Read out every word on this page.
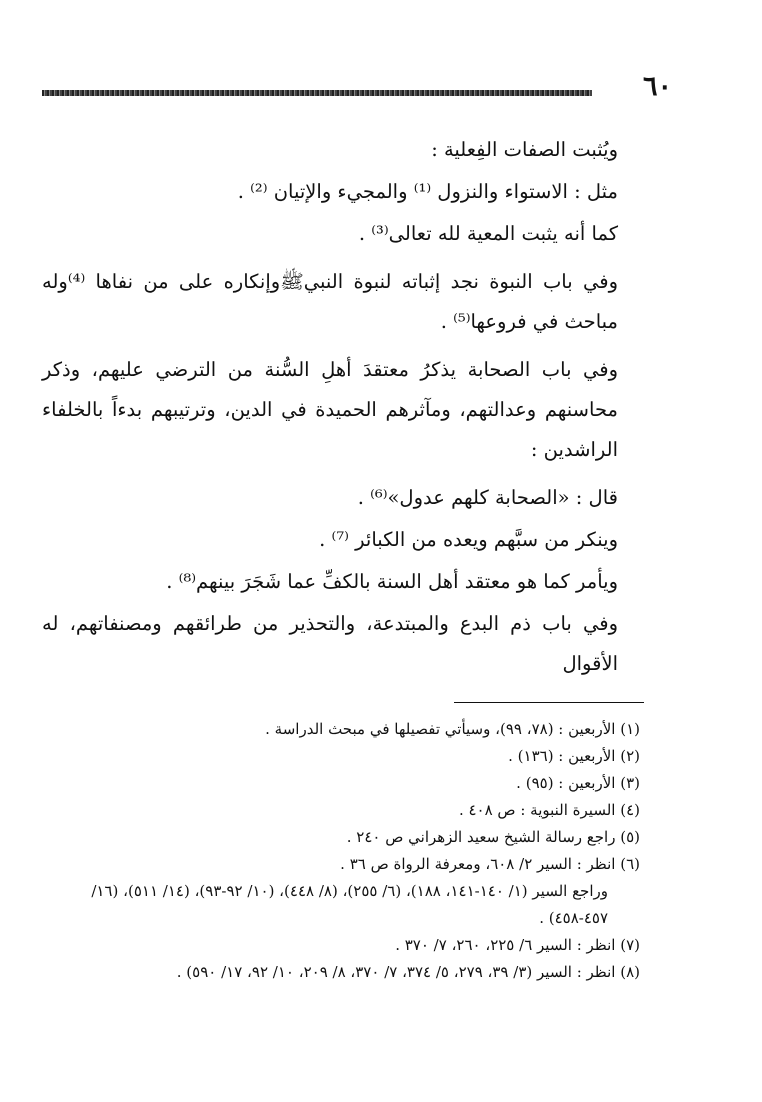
٦٠

ويُثبت الصفات الفِعلية :

مثل : الاستواء والنزول ⁽¹⁾ والمجيء والإتيان ⁽²⁾ .

كما أنه يثبت المعية لله تعالى⁽³⁾ .

وفي باب النبوة نجد إثباته لنبوة النبيﷺوإنكاره على من نفاها ⁽⁴⁾وله مباحث في فروعها⁽⁵⁾ .

وفي باب الصحابة يذكرُ معتقدَ أهلِ السُّنة من الترضي عليهم، وذكر محاسنهم وعدالتهم، ومآثرهم الحميدة في الدين، وترتيبهم بدءاً بالخلفاء الراشدين :

قال : «الصحابة كلهم عدول»⁽⁶⁾ .

وينكر من سبَّهم ويعده من الكبائر ⁽⁷⁾ .

ويأمر كما هو معتقد أهل السنة بالكفِّ عما شَجَرَ بينهم⁽⁸⁾ .

وفي باب ذم البدع والمبتدعة، والتحذير من طرائقهم ومصنفاتهم، له الأقوال

(١) الأربعين : (٧٨، ٩٩)، وسيأتي تفصيلها في مبحث الدراسة .

(٢) الأربعين : (١٣٦) .

(٣) الأربعين : (٩٥) .

(٤) السيرة النبوية : ص ٤٠٨ .

(٥) راجع رسالة الشيخ سعيد الزهراني ص ٢٤٠ .

(٦) انظر : السير ٢/ ٦٠٨، ومعرفة الرواة ص ٣٦ .

وراجع السير (١/ ١٤٠-١٤١، ١٨٨)، (٦/ ٢٥٥)، (٨/ ٤٤٨)، (١٠/ ٩٢-٩٣)، (١٤/ ٥١١)، (١٦/ ٤٥٧-٤٥٨) .

(٧) انظر : السير ٦/ ٢٢٥، ٢٦٠، ٧/ ٣٧٠ .

(٨) انظر : السير (٣/ ٣٩، ٢٧٩، ٥/ ٣٧٤، ٧/ ٣٧٠، ٨/ ٢٠٩، ١٠/ ٩٢، ١٧/ ٥٩٠) .
